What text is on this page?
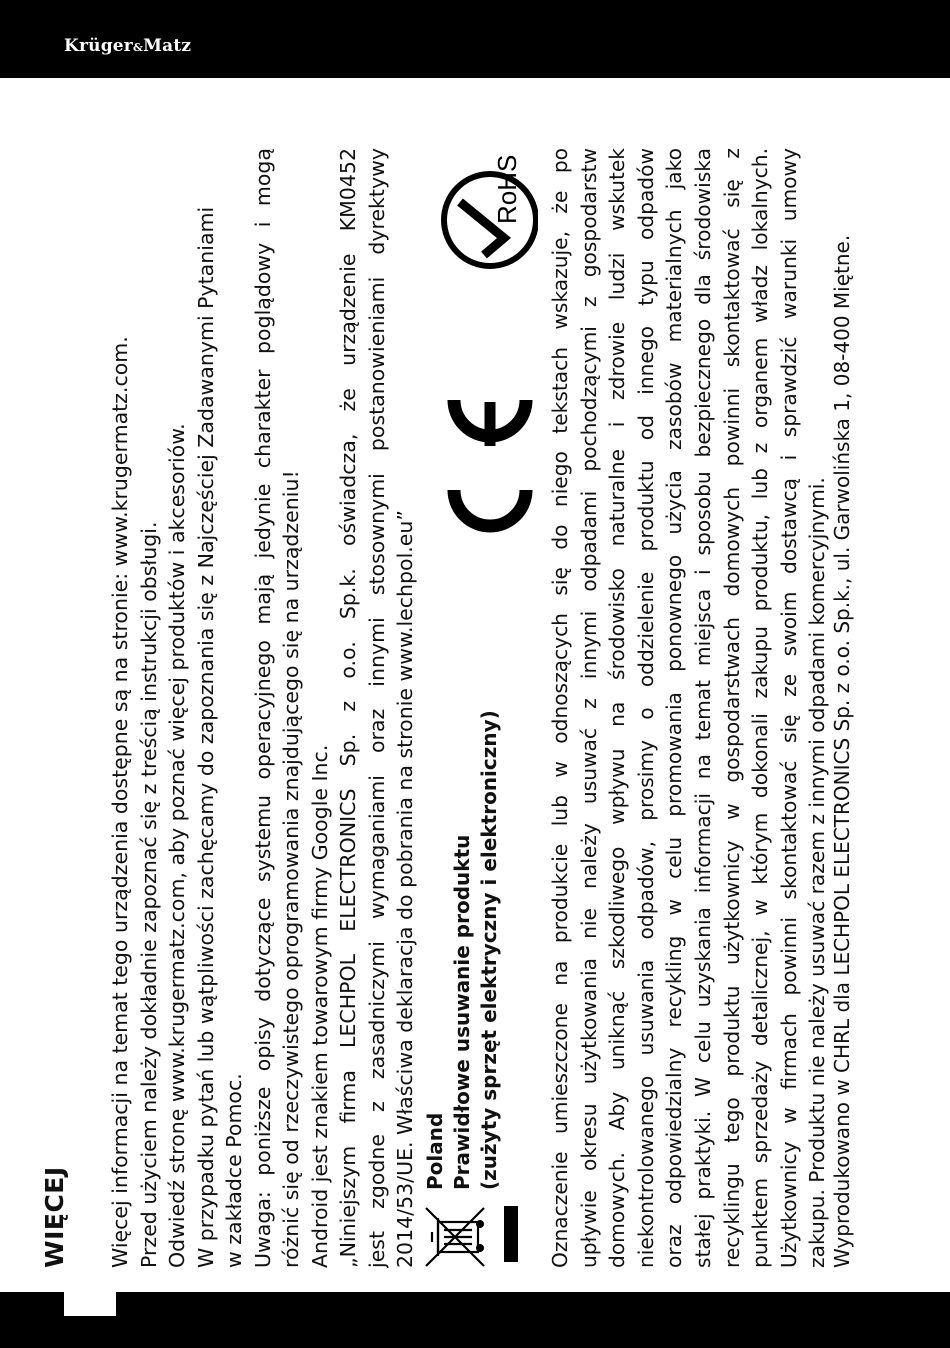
Krüger&Matz
WIĘCEJ Więcej informacji na temat tego urządzenia dostępne są na stronie: www.krugermatz.com. Przed użyciem należy dokładnie zapoznać się z treścią instrukcji obsługi. Odwiedź stronę www.krugermatz.com, aby poznać więcej produktów i akcesoriów. W przypadku pytań lub wątpliwości zachęcamy do zapoznania się z Najczęściej Zadawanymi Pytaniami w zakładce Pomoc. Uwaga: poniższe opisy dotyczące systemu operacyjnego mają jedynie charakter poglądowy i mogą różnić się od rzeczywistego oprogramowania znajdującego się na urządzeniu! Android jest znakiem towarowym firmy Google Inc. „Niniejszym firma LECHPOL ELECTRONICS Sp. z o.o. Sp.k. oświadcza, że urządzenie KM0452 jest zgodne z zasadniczymi wymaganiami oraz innymi stosownymi postanowieniami dyrektywy 2014/53/UE. Właściwa deklaracja do pobrania na stronie www.lechpol.eu” Poland Prawidłowe usuwanie produktu (zużyty sprzęt elektryczny i elektroniczny)
RoHS Oznaczenie umieszczone na produkcie lub w odnoszących się do niego tekstach wskazuje, że po upływie okresu użytkowania nie należy usuwać z innymi odpadami pochodzącymi z gospodarstw domowych. Aby uniknąć szkodliwego wpływu na środowisko naturalne i zdrowie ludzi wskutek niekontrolowanego usuwania odpadów, prosimy o oddzielenie produktu od innego typu odpadów oraz odpowiedzialny recykling w celu promowania ponownego użycia zasobów materialnych jako stałej praktyki. W celu uzyskania informacji na temat miejsca i sposobu bezpiecznego dla środowiska recyklingu tego produktu użytkownicy w gospodarstwach domowych powinni skontaktować się z punktem sprzedaży detalicznej, w którym dokonali zakupu produktu, lub z organem władz lokalnych. Użytkownicy w firmach powinni skontaktować się ze swoim dostawcą i sprawdzić warunki umowy zakupu. Produktu nie należy usuwać razem z innymi odpadami komercyjnymi. Wyprodukowano w CHRL dla LECHPOL ELECTRONICS Sp. z o.o. Sp.k., ul. Garwolińska 1, 08-400 Miętne.
